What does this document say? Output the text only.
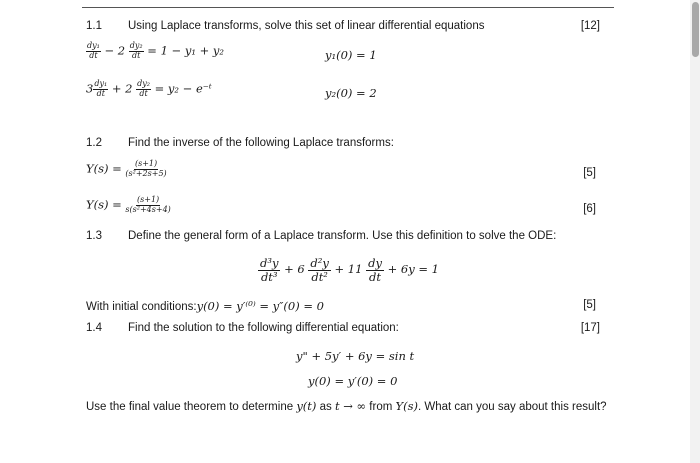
1.1 Using Laplace transforms, solve this set of linear differential equations	[12]
$\frac{\text{dy₁}}{dt} - 2 \frac{\text{dy₂}}{dt} = 1 - y_1 + y_2$	y₁(0) = 1
$3 \frac{\text{dy₁}}{dt} + 2 \frac{\text{dy₂}}{dt} = y_2$ − e⁻ᵗ	y₂(0) = 2
1.2 Find the inverse of the following Laplace transforms:
$Y(s) = \frac{(s+1)}{\text{(s²+2s+5)}}$	[5]
$Y(s) = \frac{(s+1)}{\text{s(s²+4s+4)}}$	[6]
1.3 Define the general form of a Laplace transform. Use this definition to solve the ODE:
$\frac{\text{d³y}}{\text{dt³}} + 6 \frac{\text{d²y}}{\text{dt²}} + 11 \frac{dy}{dt} + 6y = 1$
With initial conditions:y(0) = y′⁽⁰⁾ = y″(0) = 0	[5]
1.4 Find the solution to the following differential equation:	[17]
y" + 5y′ + 6y = sin t
y(0) = y′(0) = 0
Use the final value theorem to determine y(t) as t → ∞ from Y(s). What can you say about this result?
